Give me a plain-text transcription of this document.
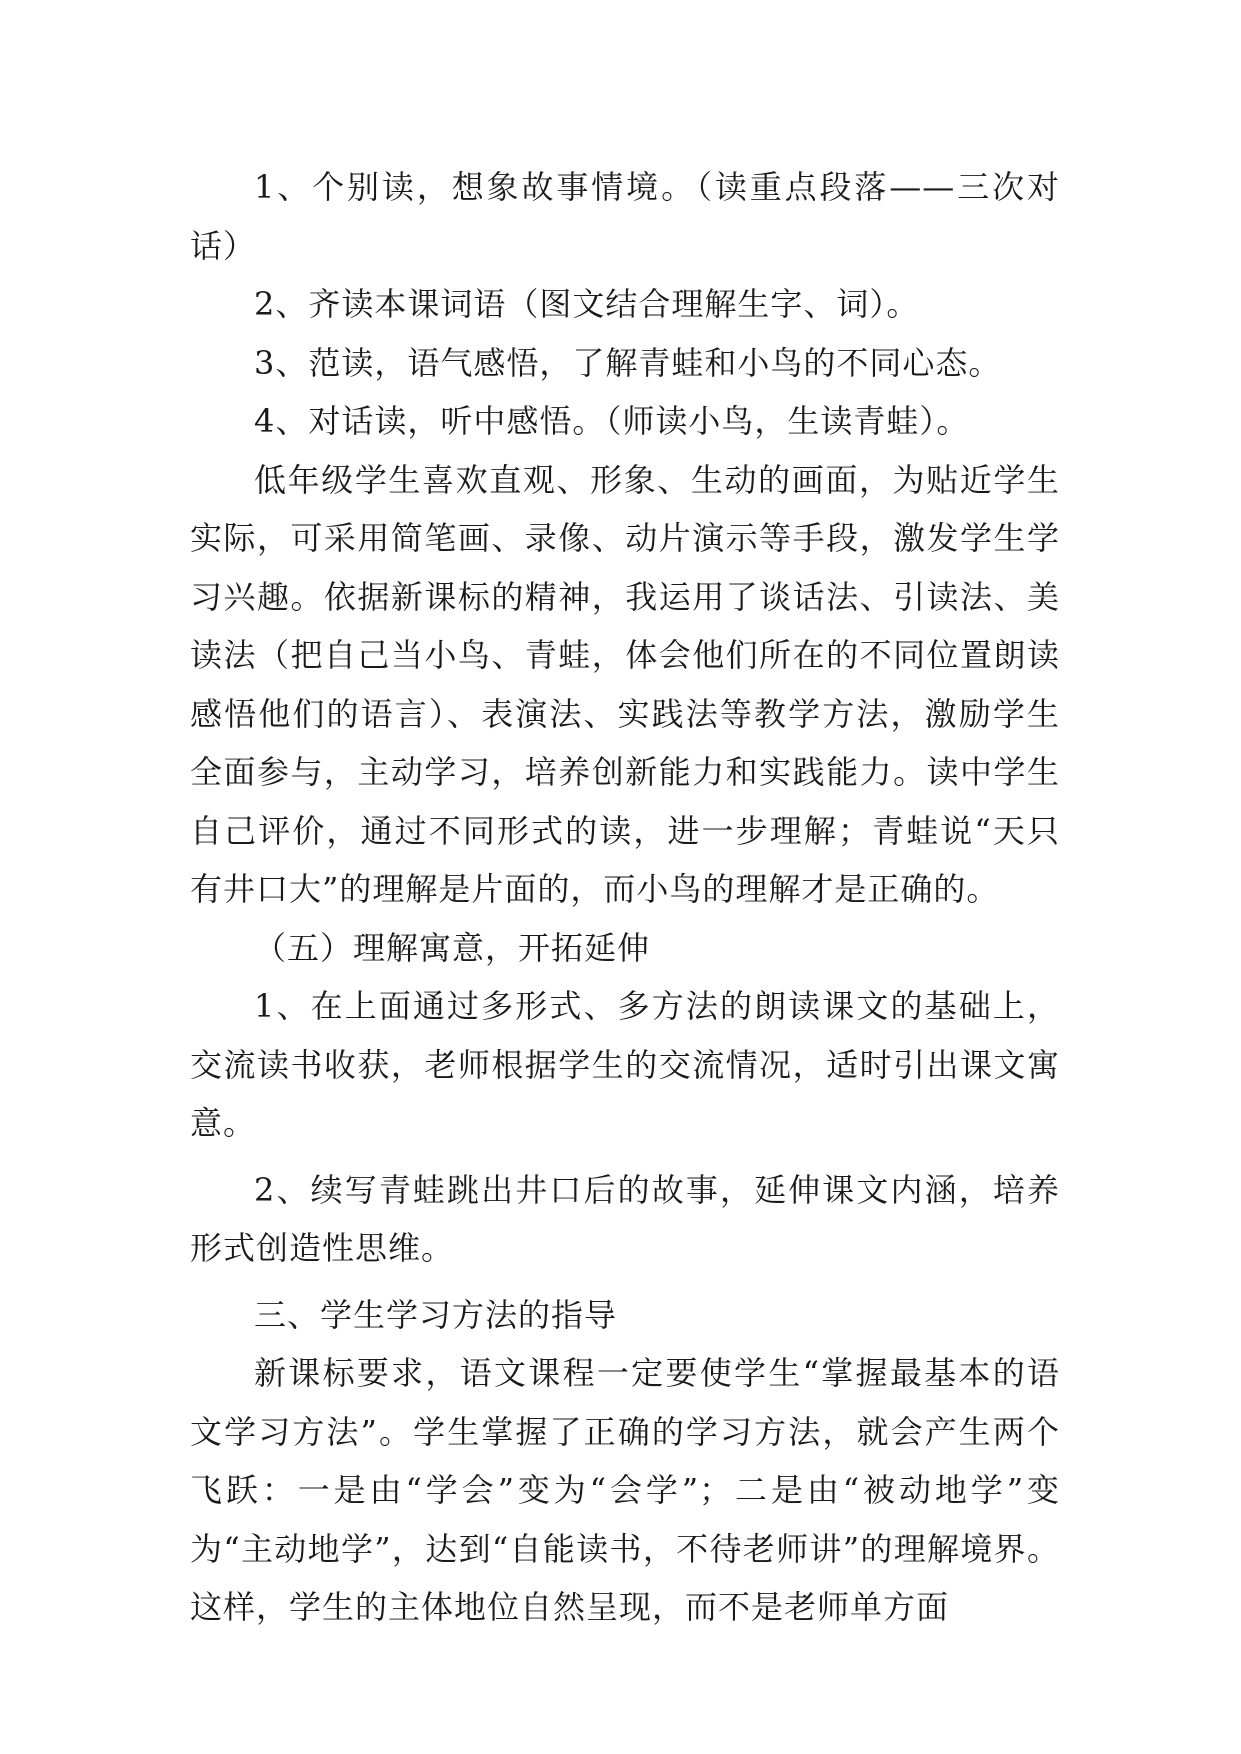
1、个别读，想象故事情境。（读重点段落——三次对话）

2、齐读本课词语（图文结合理解生字、词）。

3、范读，语气感悟，了解青蛙和小鸟的不同心态。

4、对话读，听中感悟。（师读小鸟，生读青蛙）。

低年级学生喜欢直观、形象、生动的画面，为贴近学生实际，可采用简笔画、录像、动片演示等手段，激发学生学习兴趣。依据新课标的精神，我运用了谈话法、引读法、美读法（把自己当小鸟、青蛙，体会他们所在的不同位置朗读感悟他们的语言）、表演法、实践法等教学方法，激励学生全面参与，主动学习，培养创新能力和实践能力。读中学生自己评价，通过不同形式的读，进一步理解；青蛙说“天只有井口大”的理解是片面的，而小鸟的理解才是正确的。

（五）理解寓意，开拓延伸

1、在上面通过多形式、多方法的朗读课文的基础上，交流读书收获，老师根据学生的交流情况，适时引出课文寓意。

2、续写青蛙跳出井口后的故事，延伸课文内涵，培养形式创造性思维。

三、学生学习方法的指导

新课标要求，语文课程一定要使学生“掌握最基本的语文学习方法”。学生掌握了正确的学习方法，就会产生两个飞跃：一是由“学会”变为“会学”；二是由“被动地学”变为“主动地学”，达到“自能读书，不待老师讲”的理解境界。这样，学生的主体地位自然呈现，而不是老师单方面
